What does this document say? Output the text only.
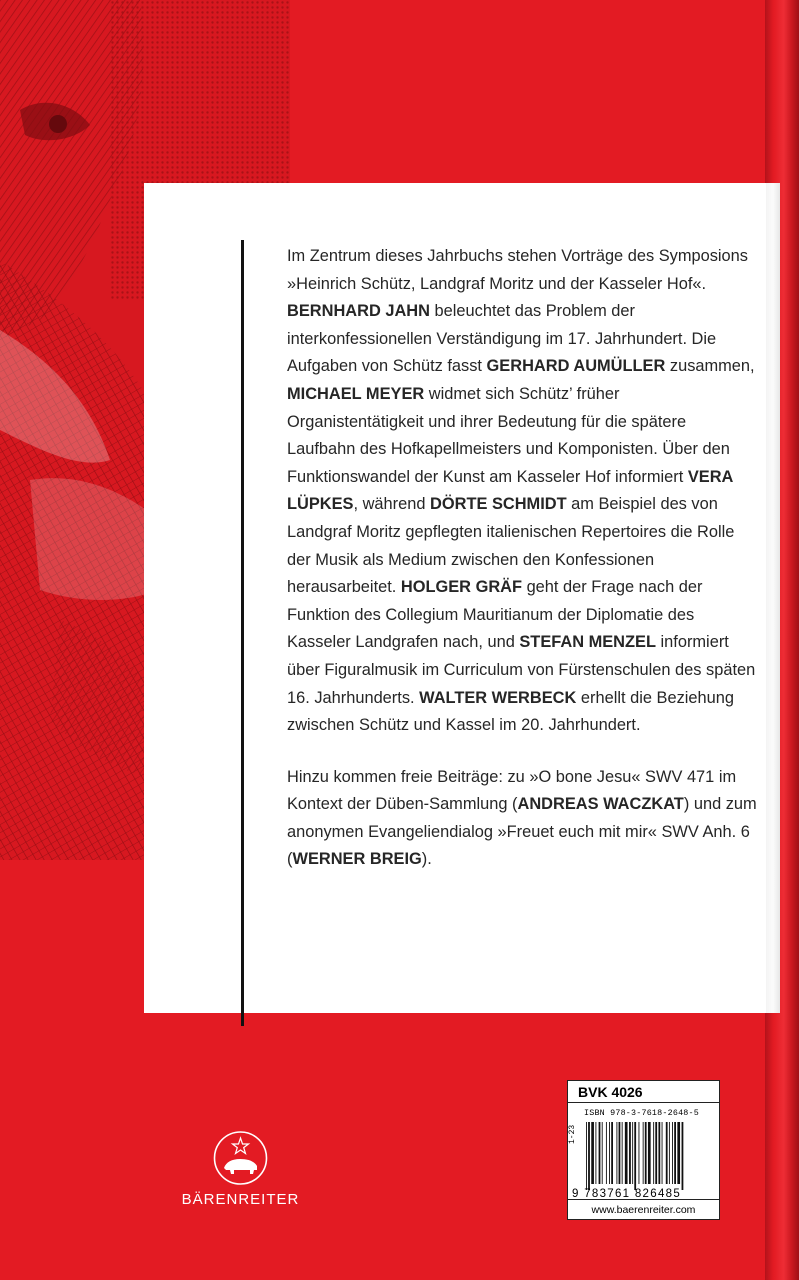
Im Zentrum dieses Jahrbuchs stehen Vorträge des Symposions »Heinrich Schütz, Landgraf Moritz und der Kasseler Hof«. BERNHARD JAHN beleuchtet das Problem der interkonfessionellen Verständigung im 17. Jahrhundert. Die Aufgaben von Schütz fasst GERHARD AUMÜLLER zusammen, MICHAEL MEYER widmet sich Schütz’ früher Organistentätigkeit und ihrer Bedeutung für die spätere Laufbahn des Hofkapellmeisters und Komponisten. Über den Funktionswandel der Kunst am Kasseler Hof informiert VERA LÜPKES, während DÖRTE SCHMIDT am Beispiel des von Landgraf Moritz gepflegten italienischen Repertoires die Rolle der Musik als Medium zwischen den Konfessionen herausarbeitet. HOLGER GRÄF geht der Frage nach der Funktion des Collegium Mauritianum der Diplomatie des Kasseler Landgrafen nach, und STEFAN MENZEL informiert über Figuralmusik im Curriculum von Fürstenschulen des späten 16. Jahrhunderts. WALTER WERBECK erhellt die Beziehung zwischen Schütz und Kassel im 20. Jahrhundert.

Hinzu kommen freie Beiträge: zu »O bone Jesu« SWV 471 im Kontext der Düben-Sammlung (ANDREAS WACZKAT) und zum anonymen Evangeliendialog »Freuet euch mit mir« SWV Anh. 6 (WERNER BREIG).

BÄRENREITER
BVK 4026
ISBN 978-3-7618-2648-5
1-23
9 783761 826485
www.baerenreiter.com
